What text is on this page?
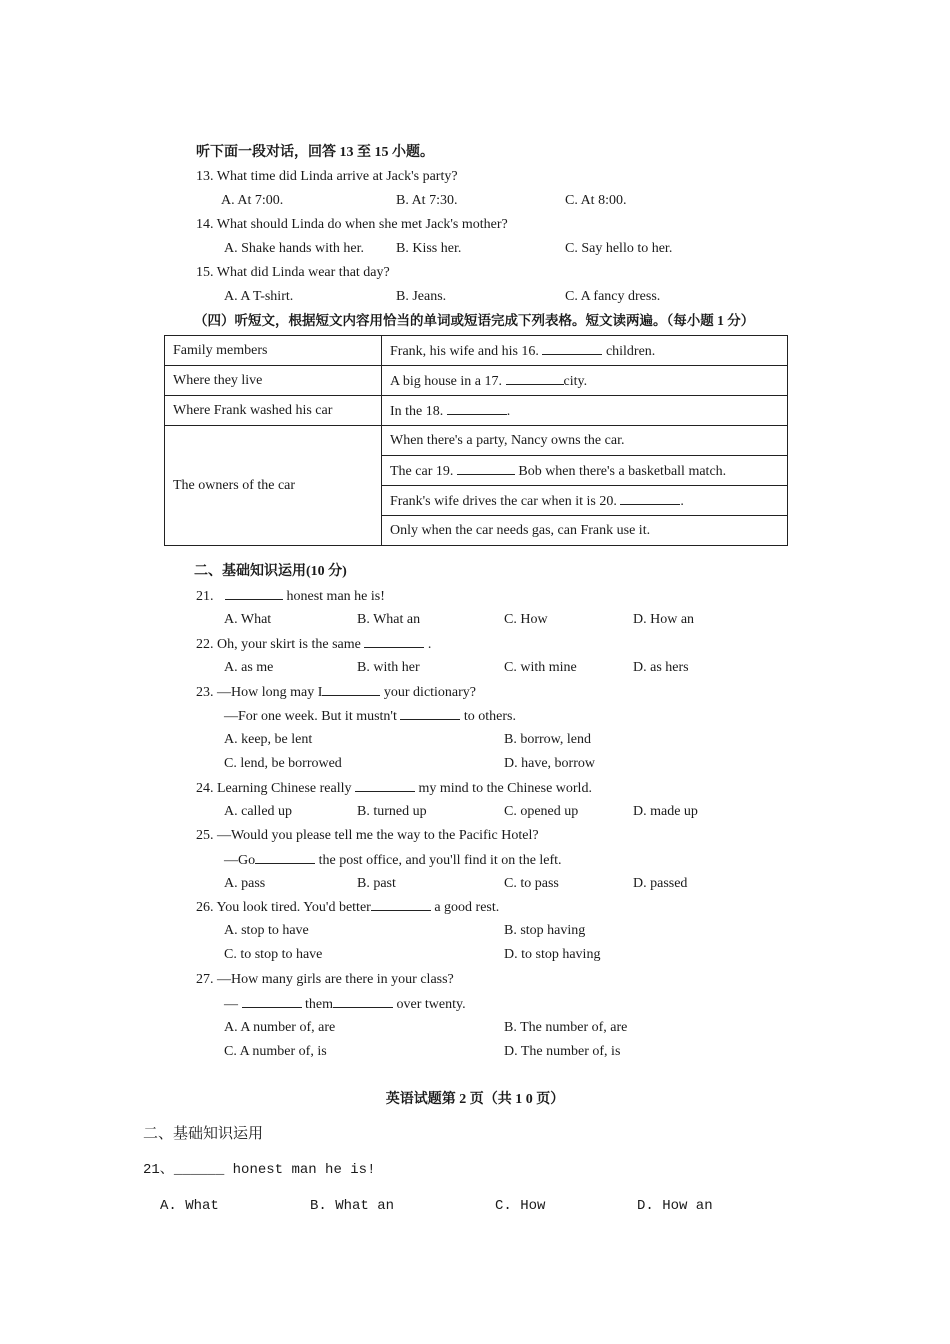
听下面一段对话，回答 13 至 15 小题。
13. What time did Linda arrive at Jack's party?
A. At 7:00.	B. At 7:30.	C. At 8:00.
14. What should Linda do when she met Jack's mother?
A. Shake hands with her. B. Kiss her.	C. Say hello to her.
15. What did Linda wear that day?
A. A T-shirt.	B. Jeans.	C. A fancy dress.
（四）听短文，根据短文内容用恰当的单词或短语完成下列表格。短文读两遍。（每小题 1 分）
Family members	Frank, his wife and his 16. children.
Where they live	A big house in a 17. city.
Where Frank washed his car	In the 18. .
The owners of the car	When there's a party, Nancy owns the car.
	The car 19. Bob when there's a basketball match.
	Frank's wife drives the car when it is 20. .
	Only when the car needs gas, can Frank use it.
二、基础知识运用(10 分)
21.	honest man he is!
A. What	B. What an	C. How	D. How an
22. Oh, your skirt is the same	.
A. as me	B. with her	C. with mine	D. as hers
23. —How long may I	your dictionary?
—For one week. But it mustn't	to others.
A. keep, be lent	B. borrow, lend
C. lend, be borrowed	D. have, borrow
24. Learning Chinese really	my mind to the Chinese world.
A. called up	B. turned up	C. opened up	D. made up
25. —Would you please tell me the way to the Pacific Hotel?
—Go	the post office, and you'll find it on the left.
A. pass	B. past	C. to pass	D. passed
26. You look tired. You'd better	a good rest.
A. stop to have	B. stop having
C. to stop to have	D. to stop having
27. —How many girls are there in your class?
—	them	over twenty.
A. A number of, are	B. The number of, are
C. A number of, is	D. The number of, is
英语试题第 2 页（共 1 0 页）
二、基础知识运用
21、______ honest man he is!
A. What	B. What an	C. How	D. How an
